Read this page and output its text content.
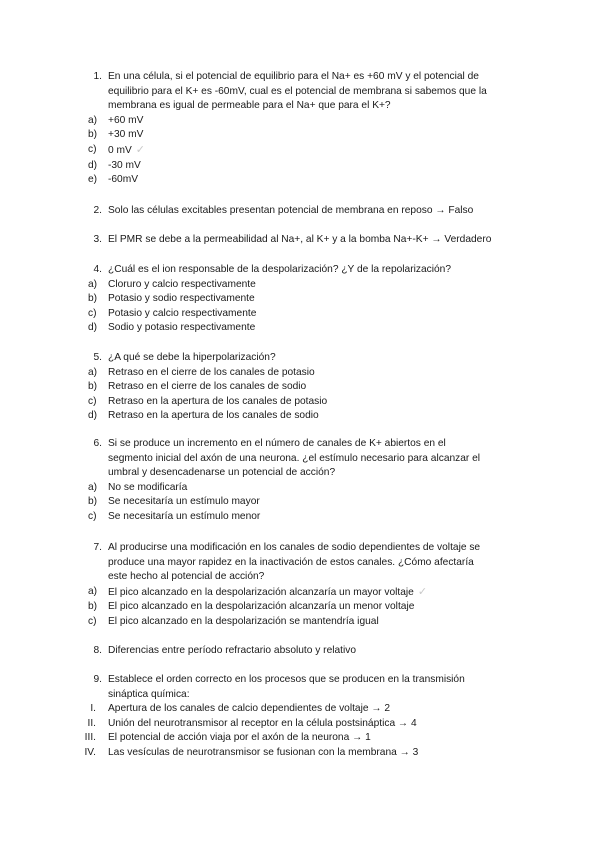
1. En una célula, si el potencial de equilibrio para el Na+ es +60 mV y el potencial de
equilibrio para el K+ es -60mV, cual es el potencial de membrana si sabemos que la
membrana es igual de permeable para el Na+ que para el K+?
a) +60 mV
b) +30 mV
c) 0 mV ✓
d) -30 mV
e) -60mV
2. Solo las células excitables presentan potencial de membrana en reposo → Falso
3. El PMR se debe a la permeabilidad al Na+, al K+ y a la bomba Na+-K+ → Verdadero
4. ¿Cuál es el ion responsable de la despolarización? ¿Y de la repolarización?
a) Cloruro y calcio respectivamente
b) Potasio y sodio respectivamente
c) Potasio y calcio respectivamente
d) Sodio y potasio respectivamente
5. ¿A qué se debe la hiperpolarización?
a) Retraso en el cierre de los canales de potasio
b) Retraso en el cierre de los canales de sodio
c) Retraso en la apertura de los canales de potasio
d) Retraso en la apertura de los canales de sodio
6. Si se produce un incremento en el número de canales de K+ abiertos en el
segmento inicial del axón de una neurona. ¿el estímulo necesario para alcanzar el
umbral y desencadenarse un potencial de acción?
a) No se modificaría
b) Se necesitaría un estímulo mayor
c) Se necesitaría un estímulo menor
7. Al producirse una modificación en los canales de sodio dependientes de voltaje se
produce una mayor rapidez en la inactivación de estos canales. ¿Cómo afectaría
este hecho al potencial de acción?
a) El pico alcanzado en la despolarización alcanzaría un mayor voltaje ✓
b) El pico alcanzado en la despolarización alcanzaría un menor voltaje
c) El pico alcanzado en la despolarización se mantendría igual
8. Diferencias entre período refractario absoluto y relativo
9. Establece el orden correcto en los procesos que se producen en la transmisión
sináptica química:
I. Apertura de los canales de calcio dependientes de voltaje → 2
II. Unión del neurotransmisor al receptor en la célula postsináptica → 4
III. El potencial de acción viaja por el axón de la neurona → 1
IV. Las vesículas de neurotransmisor se fusionan con la membrana → 3
